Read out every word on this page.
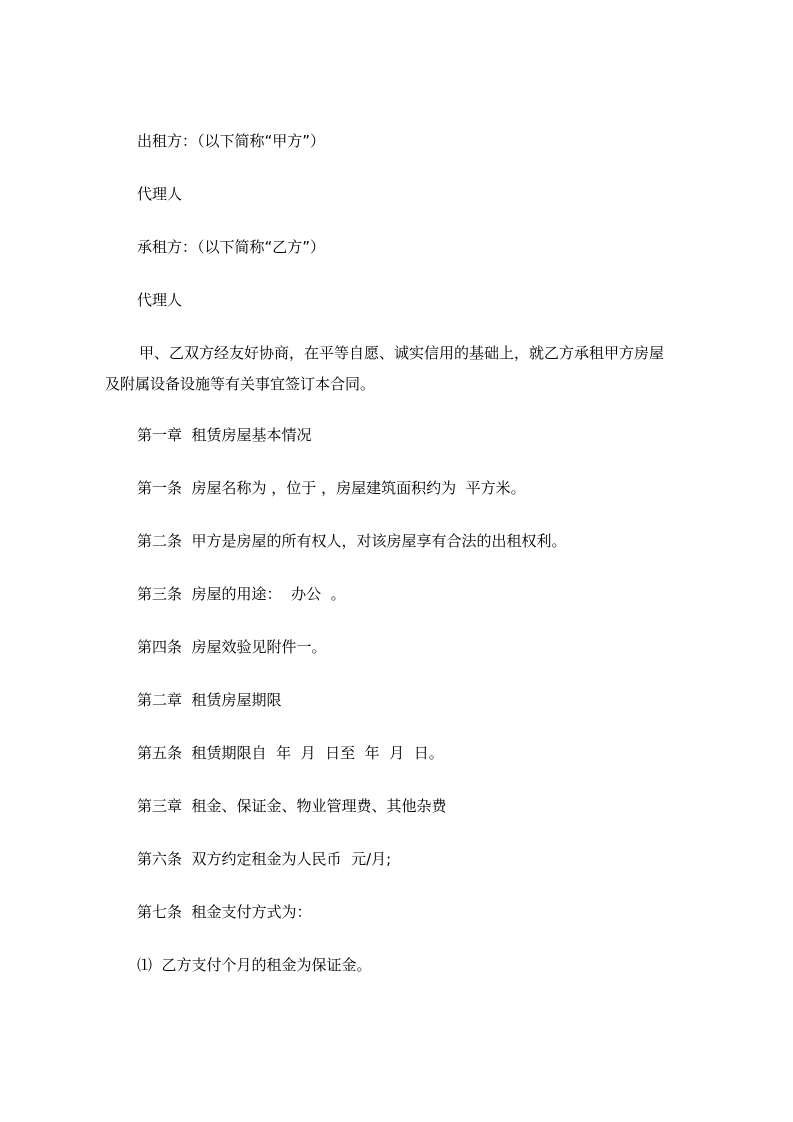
出租方：（以下简称“甲方”）

代理人

承租方：（以下简称“乙方”）

代理人

甲、乙双方经友好协商，在平等自愿、诚实信用的基础上，就乙方承租甲方房屋
及附属设备设施等有关事宜签订本合同。

第一章  租赁房屋基本情况

第一条  房屋名称为 ，位于 ，房屋建筑面积约为  平方米。

第二条  甲方是房屋的所有权人，对该房屋享有合法的出租权利。

第三条  房屋的用途：  办公  。

第四条  房屋效验见附件一。

第二章  租赁房屋期限

第五条  租赁期限自  年  月  日至  年  月  日。

第三章  租金、保证金、物业管理费、其他杂费

第六条  双方约定租金为人民币  元/月;

第七条  租金支付方式为：

⑴  乙方支付个月的租金为保证金。
